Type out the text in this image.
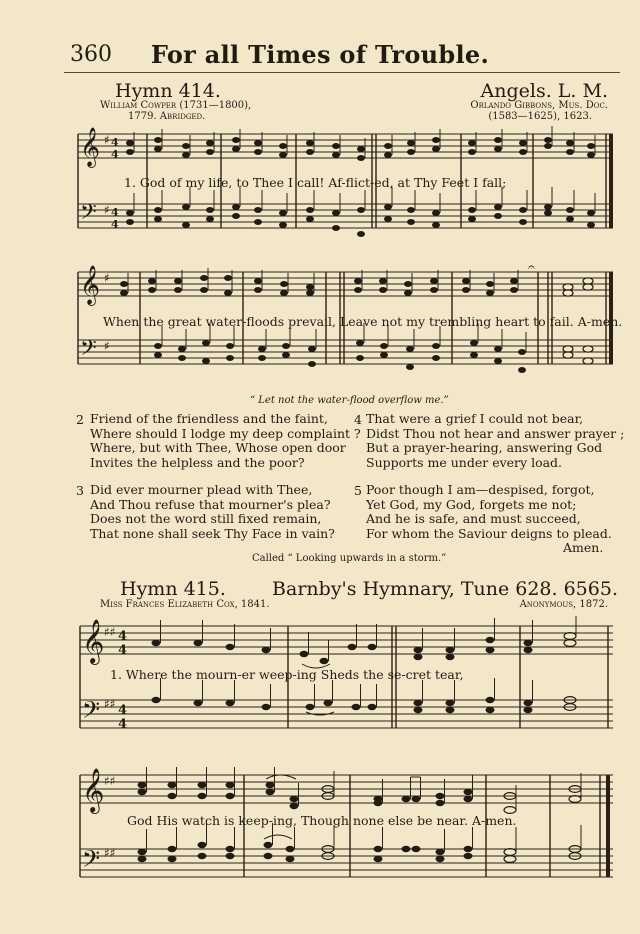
360	For all Times of Trouble.
Hymn 414.	Angels. L. M.
William Cowper (1731—1800),
1779. Abridged.
Orlando Gibbons, Mus. Doc.
(1583—1625), 1623.
𝄞
𝄢
♯
♯
4
4
4
4
1. God of my life, to Thee I call! Af-flict-ed, at Thy Feet I fall;
𝄞
𝄢
♯
♯
𝄐
When the great water-floods prevail, Leave not my trembling heart to fail. A-men.
“ Let not the water-flood overflow me.”
2 Friend of the friendless and the faint,
Where should I lodge my deep complaint ?
Where, but with Thee, Whose open door
Invites the helpless and the poor?
3 Did ever mourner plead with Thee,
And Thou refuse that mourner's plea?
Does not the word still fixed remain,
That none shall seek Thy Face in vain?
4 That were a grief I could not bear,
Didst Thou not hear and answer prayer ;
But a prayer-hearing, answering God
Supports me under every load.
5 Poor though I am—despised, forgot,
Yet God, my God, forgets me not;
And he is safe, and must succeed,
For whom the Saviour deigns to plead.
Amen.
Called “ Looking upwards in a storm.”
Hymn 415. Barnby's Hymnary, Tune 628. 6565.
Miss Frances Elizabeth Cox, 1841.	Anonymous, 1872.
𝄞
𝄢
♯♯
♯♯
4
4
4
4
1. Where the mourn-er weep-ing Sheds the se-cret tear,
𝄞
𝄢
♯♯
♯♯
God His watch is keep-ing, Though none else be near. A-men.
